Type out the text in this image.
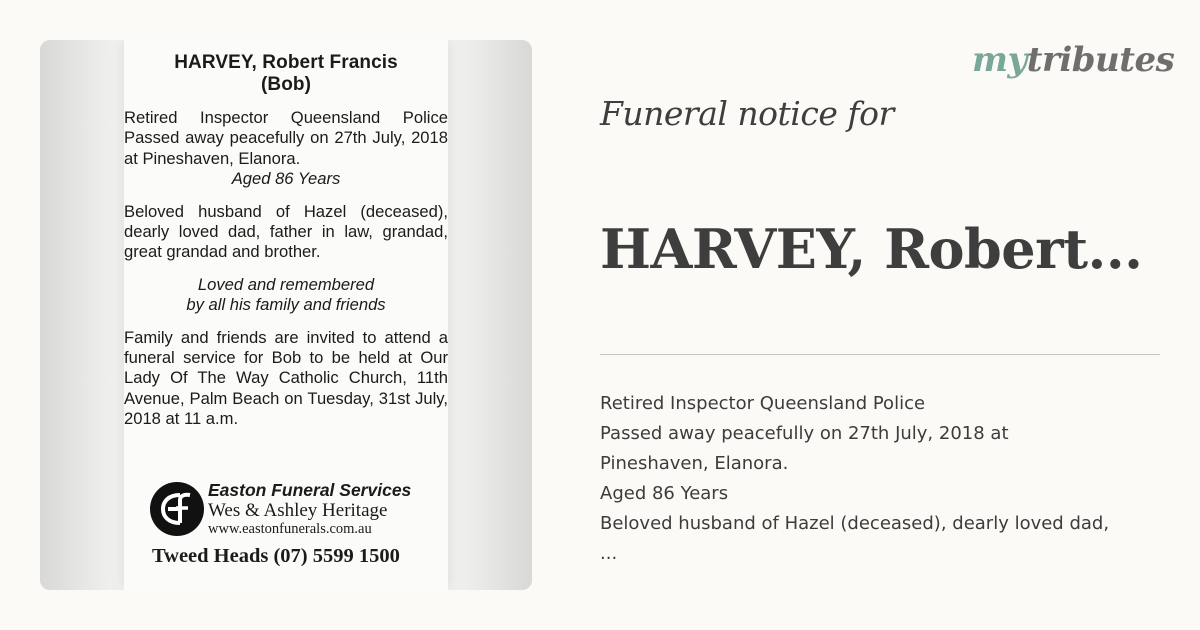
HARVEY, Robert Francis
(Bob)
Retired Inspector Queensland Police Passed away peacefully on 27th July, 2018 at Pineshaven, Elanora.
Aged 86 Years
Beloved husband of Hazel (deceased), dearly loved dad, father in law, grandad, great grandad and brother.
Loved and remembered
by all his family and friends
Family and friends are invited to attend a funeral service for Bob to be held at Our Lady Of The Way Catholic Church, 11th Avenue, Palm Beach on Tuesday, 31st July, 2018 at 11 a.m.
Easton Funeral Services
Wes & Ashley Heritage
www.eastonfunerals.com.au
Tweed Heads (07) 5599 1500
mytributes
Funeral notice for
HARVEY, Robert...
Retired Inspector Queensland Police
Passed away peacefully on 27th July, 2018 at
Pineshaven, Elanora.
Aged 86 Years
Beloved husband of Hazel (deceased), dearly loved dad,
...
